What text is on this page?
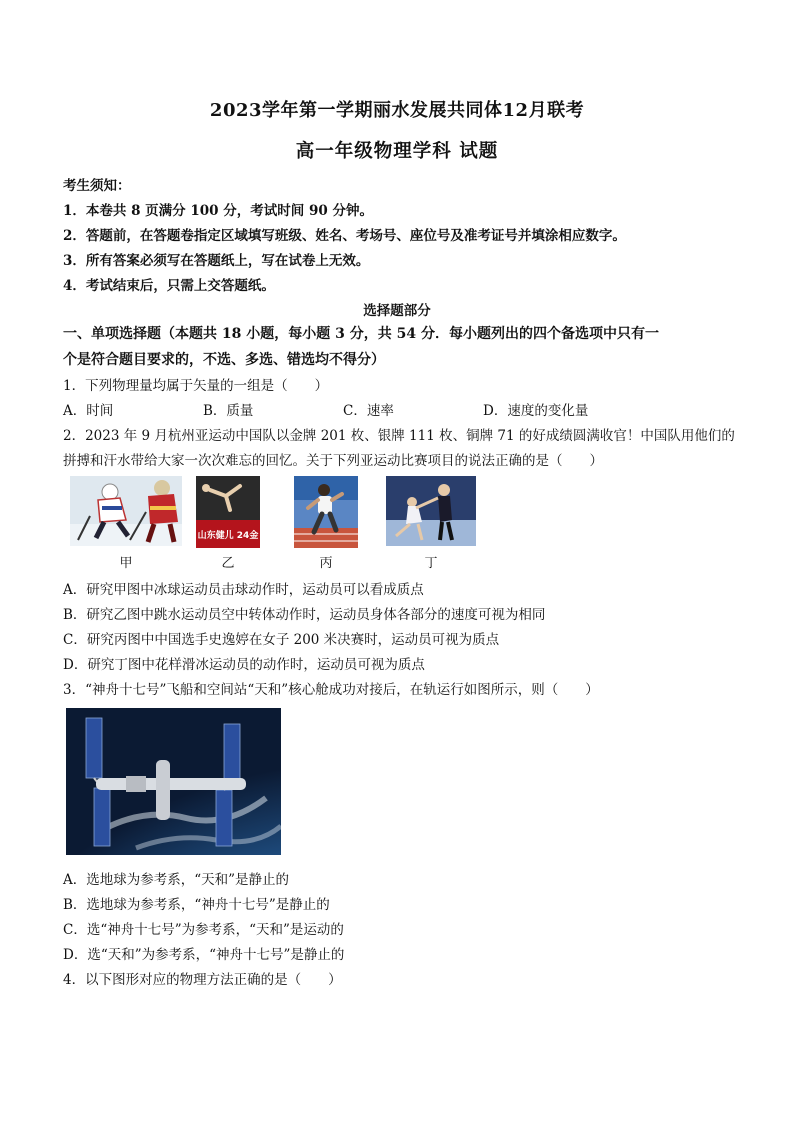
2023学年第一学期丽水发展共同体12月联考
高一年级物理学科 试题
考生须知：
1．本卷共 8 页满分 100 分，考试时间 90 分钟。
2．答题前，在答题卷指定区域填写班级、姓名、考场号、座位号及准考证号并填涂相应数字。
3．所有答案必须写在答题纸上，写在试卷上无效。
4．考试结束后，只需上交答题纸。
选择题部分
一、单项选择题（本题共 18 小题，每小题 3 分，共 54 分．每小题列出的四个备选项中只有一
个是符合题目要求的，不选、多选、错选均不得分）
1．下列物理量均属于矢量的一组是（　　）
A．时间	B．质量	C．速率	D．速度的变化量
2．2023 年 9 月杭州亚运动中国队以金牌 201 枚、银牌 111 枚、铜牌 71 的好成绩圆满收官！中国队用他们的
拼搏和汗水带给大家一次次难忘的回忆。关于下列亚运动比赛项目的说法正确的是（　　）
山东健儿 24金
甲	乙	丙	丁
A．研究甲图中冰球运动员击球动作时，运动员可以看成质点
B．研究乙图中跳水运动员空中转体动作时，运动员身体各部分的速度可视为相同
C．研究丙图中中国选手史逸婷在女子 200 米决赛时，运动员可视为质点
D．研究丁图中花样滑冰运动员的动作时，运动员可视为质点
3．“神舟十七号”飞船和空间站“天和”核心舱成功对接后，在轨运行如图所示，则（　　）
A．选地球为参考系，“天和”是静止的
B．选地球为参考系，“神舟十七号”是静止的
C．选“神舟十七号”为参考系，“天和”是运动的
D．选“天和”为参考系，“神舟十七号”是静止的
4．以下图形对应的物理方法正确的是（　　）
